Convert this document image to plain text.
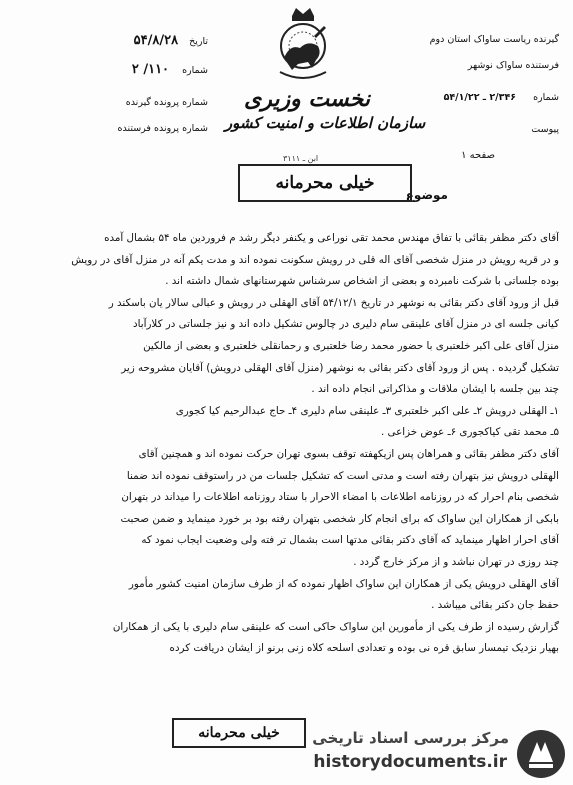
تاریخ ۵۴/۸/۲۸
شماره ۱۱۰/ ۲
شماره پرونده گیرنده
شماره پرونده فرستنده
نخست وزیری
سازمان اطلاعات و امنیت کشور
گیرنده ریاست ساواک استان دوم
فرستنده ساواک نوشهر
شماره ۲/۳۴۶ ـ ۵۴/۱/۲۲
پیوست
صفحه ۱
موضوع
ابن ـ ۳۱۱۱
خیلی محرمانه
آقای دکتر مظفر بقائی با تفاق مهندس محمد تقی نوراعی و یکنفر دیگر رشد م فروردین ماه ۵۴ بشمال آمده
و در قریه رویش در منزل شخصی آقای اله قلی در رویش سکونت نموده اند و مدت یکم آنه در منزل آقای در رویش
بوده جلساتی با شرکت نامبرده و بعضی از اشخاص سرشناس شهرستانهای شمال داشته اند .
قبل از ورود آقای دکتر بقائی به نوشهر در تاریخ ۵۴/۱۲/۱ آقای الهقلی در رویش و عبالی سالار یان باسکند ر
کیانی جلسه ای در منزل آقای علینقی سام دلیری در چالوس تشکیل داده اند و نیز جلساتی در کلارآباد
منزل آقای علی اکبر خلعتبری با حضور محمد رضا خلعتبری و رحمانقلی خلعتبری و بعضی از مالکین
تشکیل گردیده . پس از ورود آقای دکتر بقائی به نوشهر (منزل آقای الهقلی درویش) آقایان مشروحه زیر
چند بین جلسه با ایشان ملاقات و مذاکراتی انجام داده اند .
۱ـ الهقلی درویش ۲ـ علی اکبر خلعتبری ۳ـ علینقی سام دلیری ۴ـ حاج عبدالرحیم کیا کجوری
۵ـ محمد تقی کیاکجوری ۶ـ عوض خزاعی .
آقای دکتر مظفر بقائی و همراهان پس ازیکهفته توقف بسوی تهران حرکت نموده اند و همچنین آقای
الهقلی درویش نیز بتهران رفته است و مدتی است که تشکیل جلسات من در راستوقف نموده اند ضمنا
شخصی بنام احرار که در روزنامه اطلاعات با امضاء الاحرار با ستاد روزنامه اطلاعات را میداند در بتهران
بابکی از همکاران این ساواک که برای انجام کار شخصی بتهران رفته بود بر خورد مینماید و ضمن صحبت
آقای احرار اظهار مینماید که آقای دکتر بقائی مدتها است بشمال تر فته ولی وضعیت ایجاب نمود که
چند روزی در تهران نباشد و از مرکز خارج گردد .
آقای الهقلی درویش یکی از همکاران این ساواک اظهار نموده که از طرف سازمان امنیت کشور مأمور
حفظ جان دکتر بقائی میباشد .
گزارش رسیده از طرف یکی از مأمورین این ساواک حاکی است که علینقی سام دلیری با یکی از همکاران
بهیار نزدیک تیمسار سابق قره نی بوده و تعدادی اسلحه کلاه زنی برنو از ایشان دریافت کرده
خیلی محرمانه	مرکز بررسی اسناد تاریخی
historydocuments.ir
